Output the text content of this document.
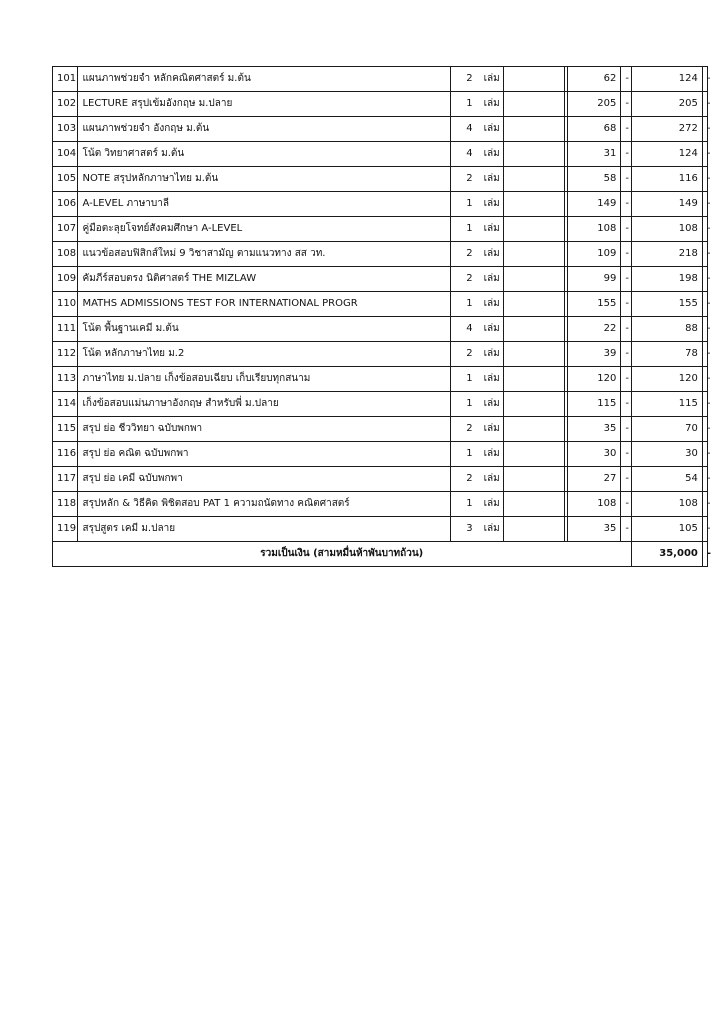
101	แผนภาพช่วยจำ หลักคณิตศาสตร์ ม.ต้น	2	เล่ม			62	-	124	-
102	LECTURE สรุปเข้มอังกฤษ ม.ปลาย	1	เล่ม			205	-	205	-
103	แผนภาพช่วยจำ อังกฤษ ม.ต้น	4	เล่ม			68	-	272	-
104	โน้ต วิทยาศาสตร์ ม.ต้น	4	เล่ม			31	-	124	-
105	NOTE สรุปหลักภาษาไทย ม.ต้น	2	เล่ม			58	-	116	-
106	A-LEVEL ภาษาบาลี	1	เล่ม			149	-	149	-
107	คู่มือตะลุยโจทย์สังคมศึกษา A-LEVEL	1	เล่ม			108	-	108	-
108	แนวข้อสอบฟิสิกส์ใหม่ 9 วิชาสามัญ ตามแนวทาง สส วท.	2	เล่ม			109	-	218	-
109	คัมภีร์สอบตรง นิติศาสตร์ THE MIZLAW	2	เล่ม			99	-	198	-
110	MATHS ADMISSIONS TEST FOR INTERNATIONAL PROGR	1	เล่ม			155	-	155	-
111	โน้ต พื้นฐานเคมี ม.ต้น	4	เล่ม			22	-	88	-
112	โน้ต หลักภาษาไทย ม.2	2	เล่ม			39	-	78	-
113	ภาษาไทย ม.ปลาย เก็งข้อสอบเฉียบ เก็บเรียบทุกสนาม	1	เล่ม			120	-	120	-
114	เก็งข้อสอบแม่นภาษาอังกฤษ สำหรับพี่ ม.ปลาย	1	เล่ม			115	-	115	-
115	สรุป ย่อ ชีววิทยา ฉบับพกพา	2	เล่ม			35	-	70	-
116	สรุป ย่อ คณิต ฉบับพกพา	1	เล่ม			30	-	30	-
117	สรุป ย่อ เคมี ฉบับพกพา	2	เล่ม			27	-	54	-
118	สรุปหลัก & วิธีคิด พิชิตสอบ PAT 1 ความถนัดทาง คณิตศาสตร์	1	เล่ม			108	-	108	-
119	สรุปสูตร เคมี ม.ปลาย	3	เล่ม			35	-	105	-
รวมเป็นเงิน (สามหมื่นห้าพันบาทถ้วน)								35,000	-
